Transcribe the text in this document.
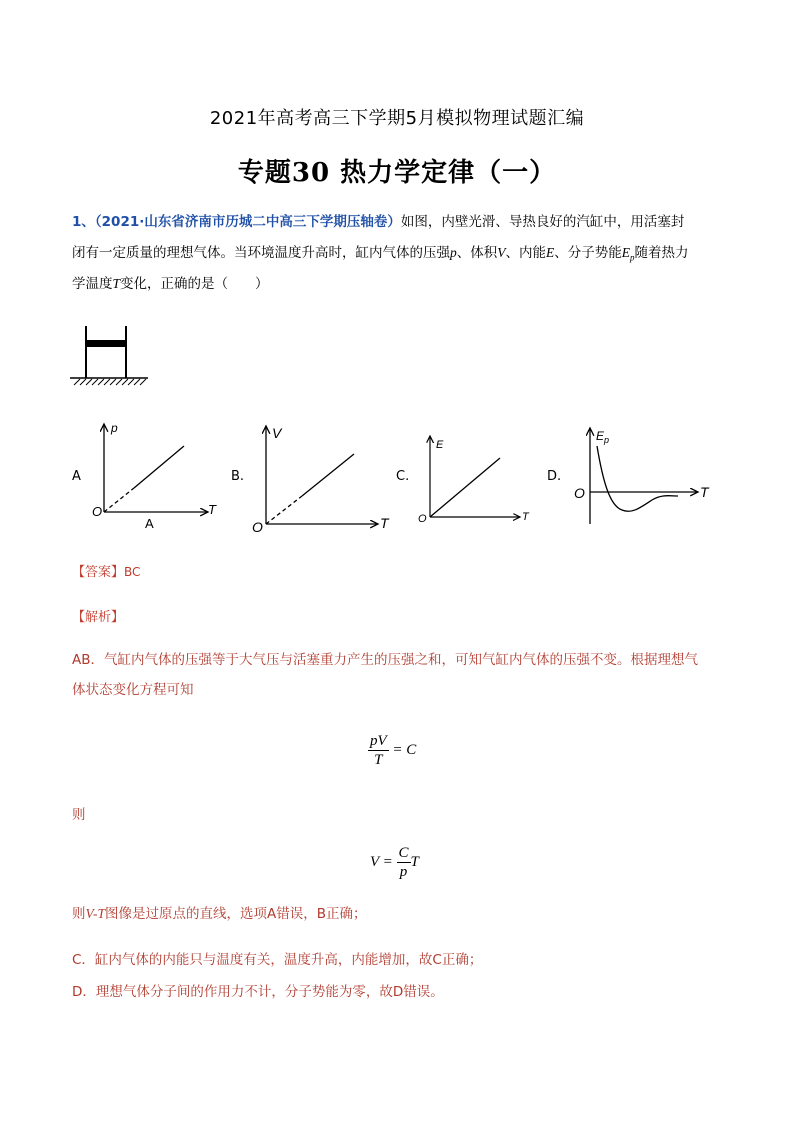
2021年高考高三下学期5月模拟物理试题汇编
专题30 热力学定律（一）
1、（2021·山东省济南市历城二中高三下学期压轴卷）如图，内壁光滑、导热良好的汽缸中，用活塞封
闭有一定质量的理想气体。当环境温度升高时，缸内气体的压强p、体积V、内能E、分子势能$E_p$随着热力
学温度T变化，正确的是（　　）
A
p
T
O
A
B.
V
T
O
C.
E
T
O
D.
$E_p$
T
O
【答案】BC
【解析】
AB．气缸内气体的压强等于大气压与活塞重力产生的压强之和，可知气缸内气体的压强不变。根据理想气
体状态变化方程可知
$\frac{pV}{T} = C$
则
$V = \frac{C}{p}$ T
则V-T图像是过原点的直线，选项A错误，B正确；
C．缸内气体的内能只与温度有关，温度升高，内能增加，故C正确；
D．理想气体分子间的作用力不计，分子势能为零，故D错误。
